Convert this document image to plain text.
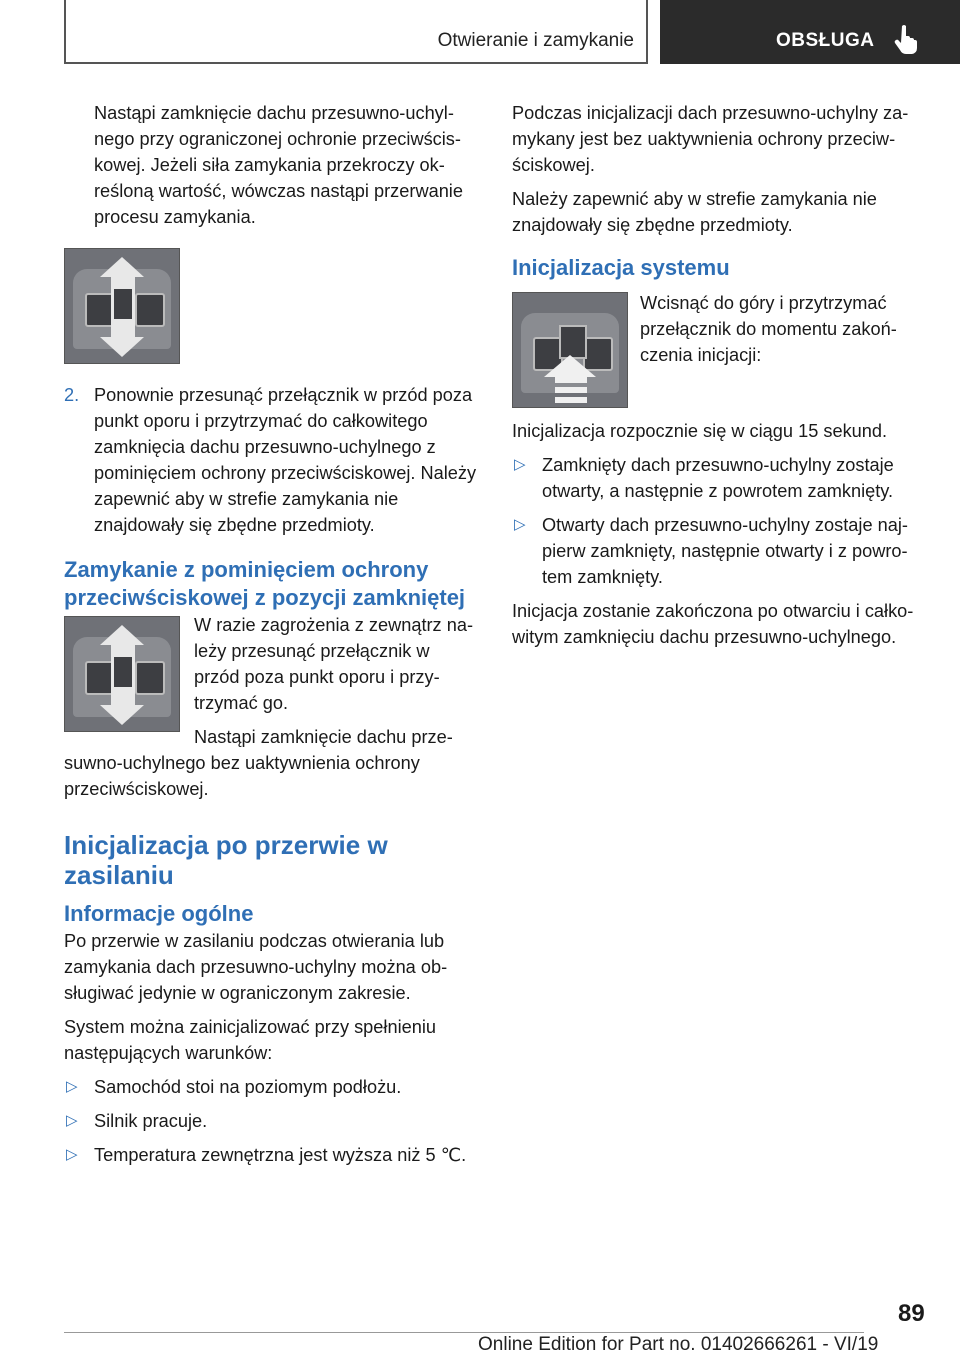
Otwieranie i zamykanie	OBSŁUGA

Nastąpi zamknięcie dachu przesuwno-uchylnego przy ograniczonej ochronie przeciwściskowej. Jeżeli siła zamykania przekroczy określoną wartość, wówczas nastąpi przerwanie procesu zamykania.

2. Ponownie przesunąć przełącznik w przód poza punkt oporu i przytrzymać do całkowitego zamknięcia dachu przesuwno-uchylnego z pominięciem ochrony przeciwściskowej. Należy zapewnić aby w strefie zamykania nie znajdowały się zbędne przedmioty.

Zamykanie z pominięciem ochrony przeciwściskowej z pozycji zamkniętej

W razie zagrożenia z zewnątrz należy przesunąć przełącznik w przód poza punkt oporu i przytrzymać go.

Nastąpi zamknięcie dachu przesuwno-uchylnego bez uaktywnienia ochrony przeciwściskowej.

Inicjalizacja po przerwie w zasilaniu
Informacje ogólne

Po przerwie w zasilaniu podczas otwierania lub zamykania dach przesuwno-uchylny można obsługiwać jedynie w ograniczonym zakresie.

System można zainicjalizować przy spełnieniu następujących warunków:

▷ Samochód stoi na poziomym podłożu.
▷ Silnik pracuje.
▷ Temperatura zewnętrzna jest wyższa niż 5 ℃.

Podczas inicjalizacji dach przesuwno-uchylny zamykany jest bez uaktywnienia ochrony przeciwściskowej.

Należy zapewnić aby w strefie zamykania nie znajdowały się zbędne przedmioty.

Inicjalizacja systemu

Wcisnąć do góry i przytrzymać przełącznik do momentu zakończenia inicjacji:

Inicjalizacja rozpocznie się w ciągu 15 sekund.

▷ Zamknięty dach przesuwno-uchylny zostaje otwarty, a następnie z powrotem zamknięty.
▷ Otwarty dach przesuwno-uchylny zostaje najpierw zamknięty, następnie otwarty i z powrotem zamknięty.

Inicjacja zostanie zakończona po otwarciu i całkowitym zamknięciu dachu przesuwno-uchylnego.

89
Online Edition for Part no. 01402666261 - VI/19
